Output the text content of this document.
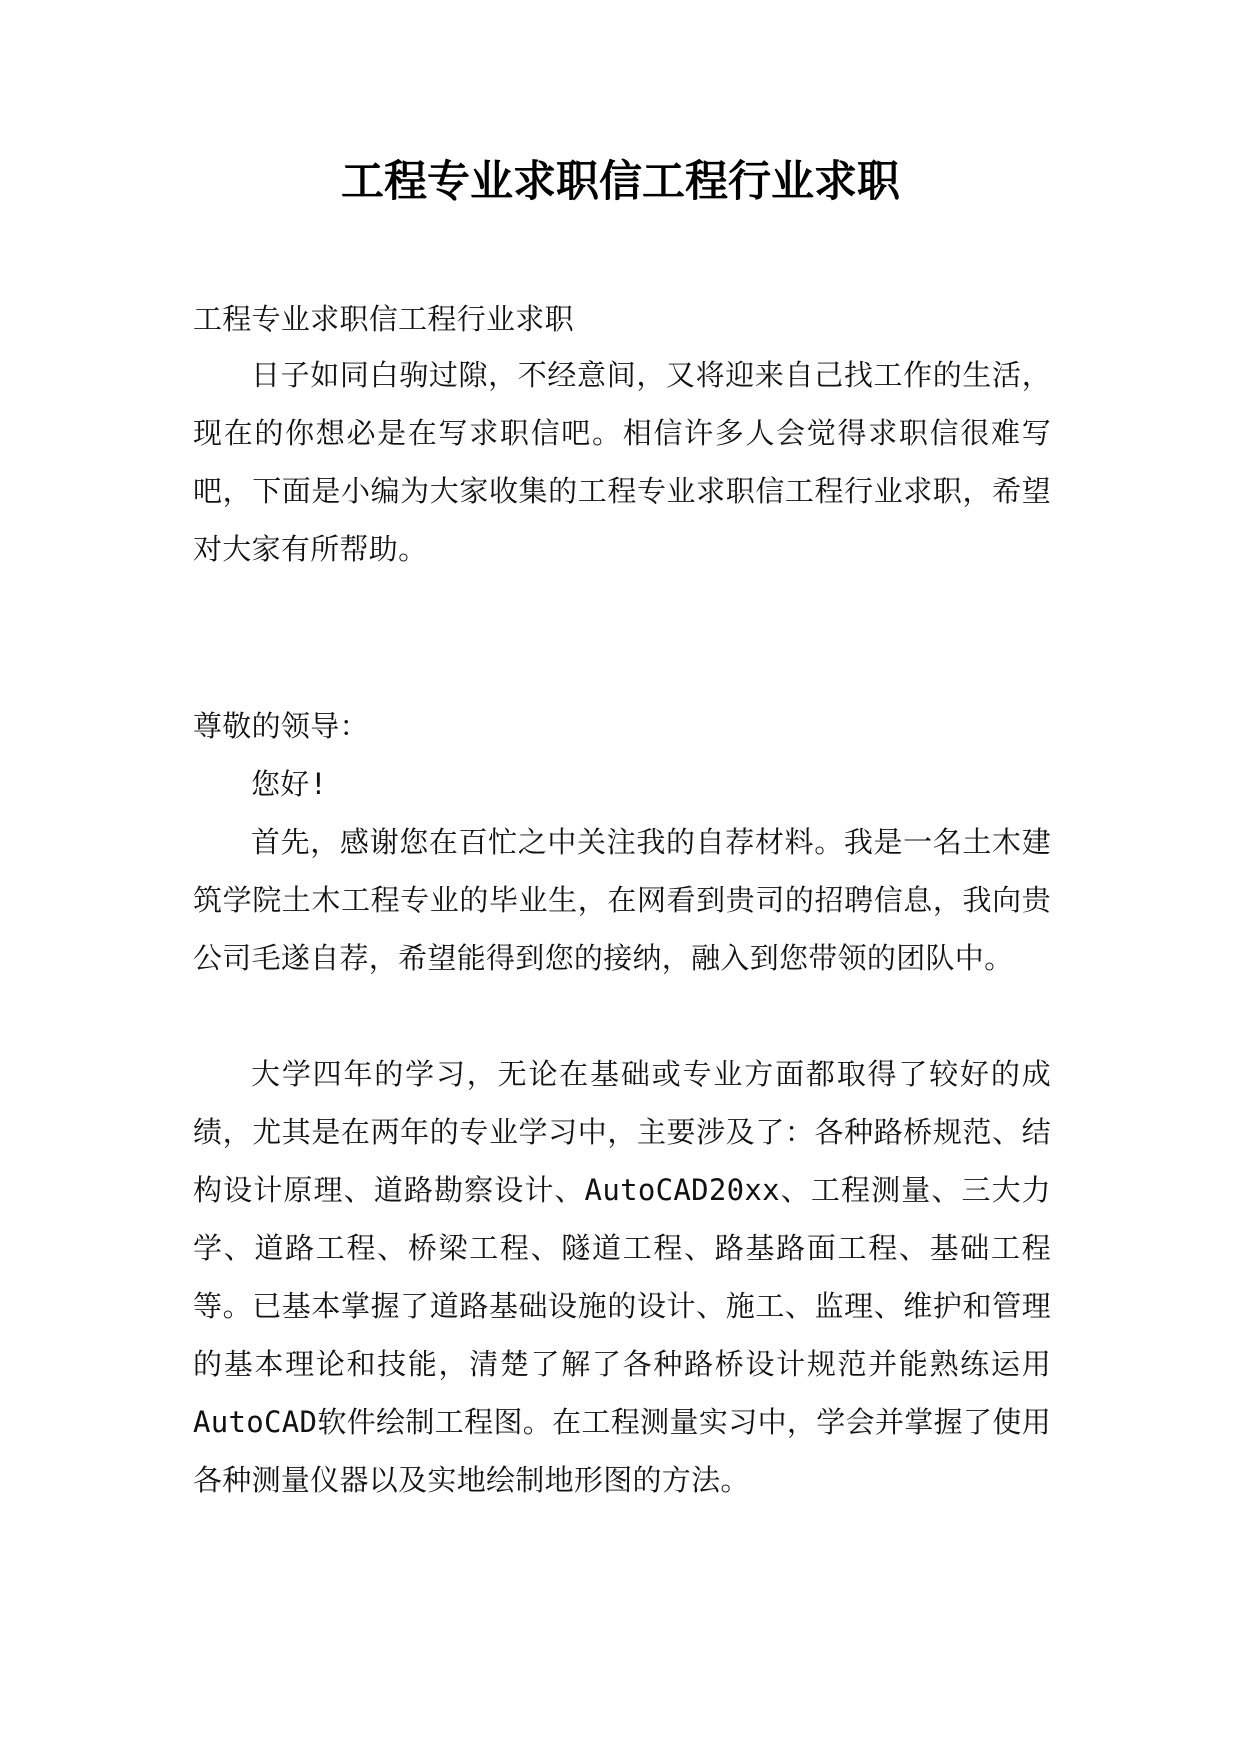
工程专业求职信工程行业求职

工程专业求职信工程行业求职

日子如同白驹过隙，不经意间，又将迎来自己找工作的生活，现在的你想必是在写求职信吧。相信许多人会觉得求职信很难写吧，下面是小编为大家收集的工程专业求职信工程行业求职，希望对大家有所帮助。

尊敬的领导：

您好!

首先，感谢您在百忙之中关注我的自荐材料。我是一名土木建筑学院土木工程专业的毕业生，在网看到贵司的招聘信息，我向贵公司毛遂自荐，希望能得到您的接纳，融入到您带领的团队中。

大学四年的学习，无论在基础或专业方面都取得了较好的成绩，尤其是在两年的专业学习中，主要涉及了：各种路桥规范、结构设计原理、道路勘察设计、AutoCAD20xx、工程测量、三大力学、道路工程、桥梁工程、隧道工程、路基路面工程、基础工程等。已基本掌握了道路基础设施的设计、施工、监理、维护和管理的基本理论和技能，清楚了解了各种路桥设计规范并能熟练运用AutoCAD软件绘制工程图。在工程测量实习中，学会并掌握了使用各种测量仪器以及实地绘制地形图的方法。
